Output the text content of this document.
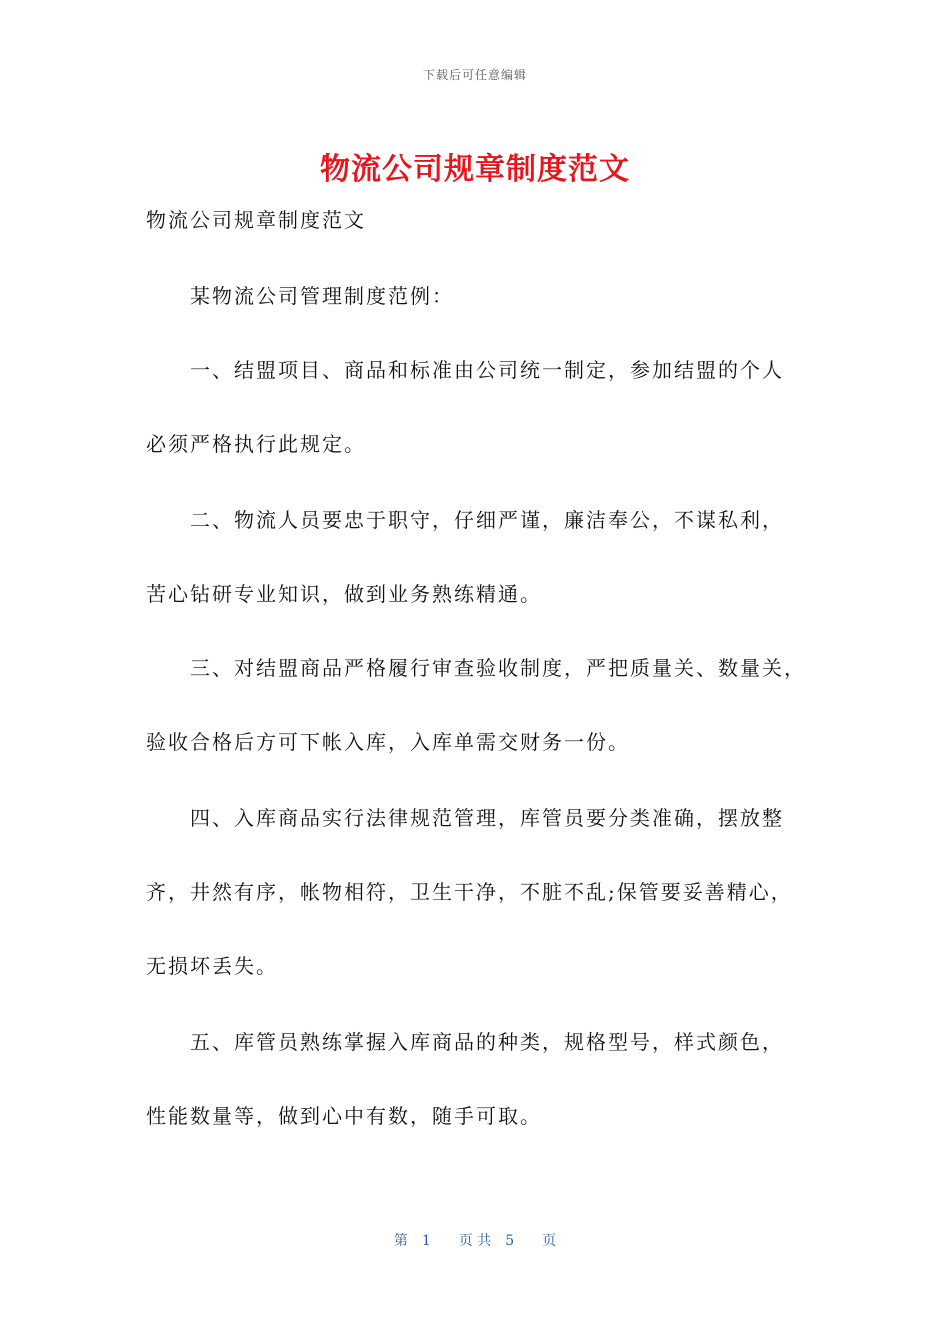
下载后可任意编辑
物流公司规章制度范文
物流公司规章制度范文
　　某物流公司管理制度范例：
　　一、结盟项目、商品和标准由公司统一制定，参加结盟的个人
必须严格执行此规定。
　　二、物流人员要忠于职守，仔细严谨，廉洁奉公，不谋私利，
苦心钻研专业知识，做到业务熟练精通。
　　三、对结盟商品严格履行审查验收制度，严把质量关、数量关，
验收合格后方可下帐入库，入库单需交财务一份。
　　四、入库商品实行法律规范管理，库管员要分类准确，摆放整
齐，井然有序，帐物相符，卫生干净，不脏不乱;保管要妥善精心，
无损坏丢失。
　　五、库管员熟练掌握入库商品的种类，规格型号，样式颜色，
性能数量等，做到心中有数，随手可取。
第　1　　页 共　5　　页
